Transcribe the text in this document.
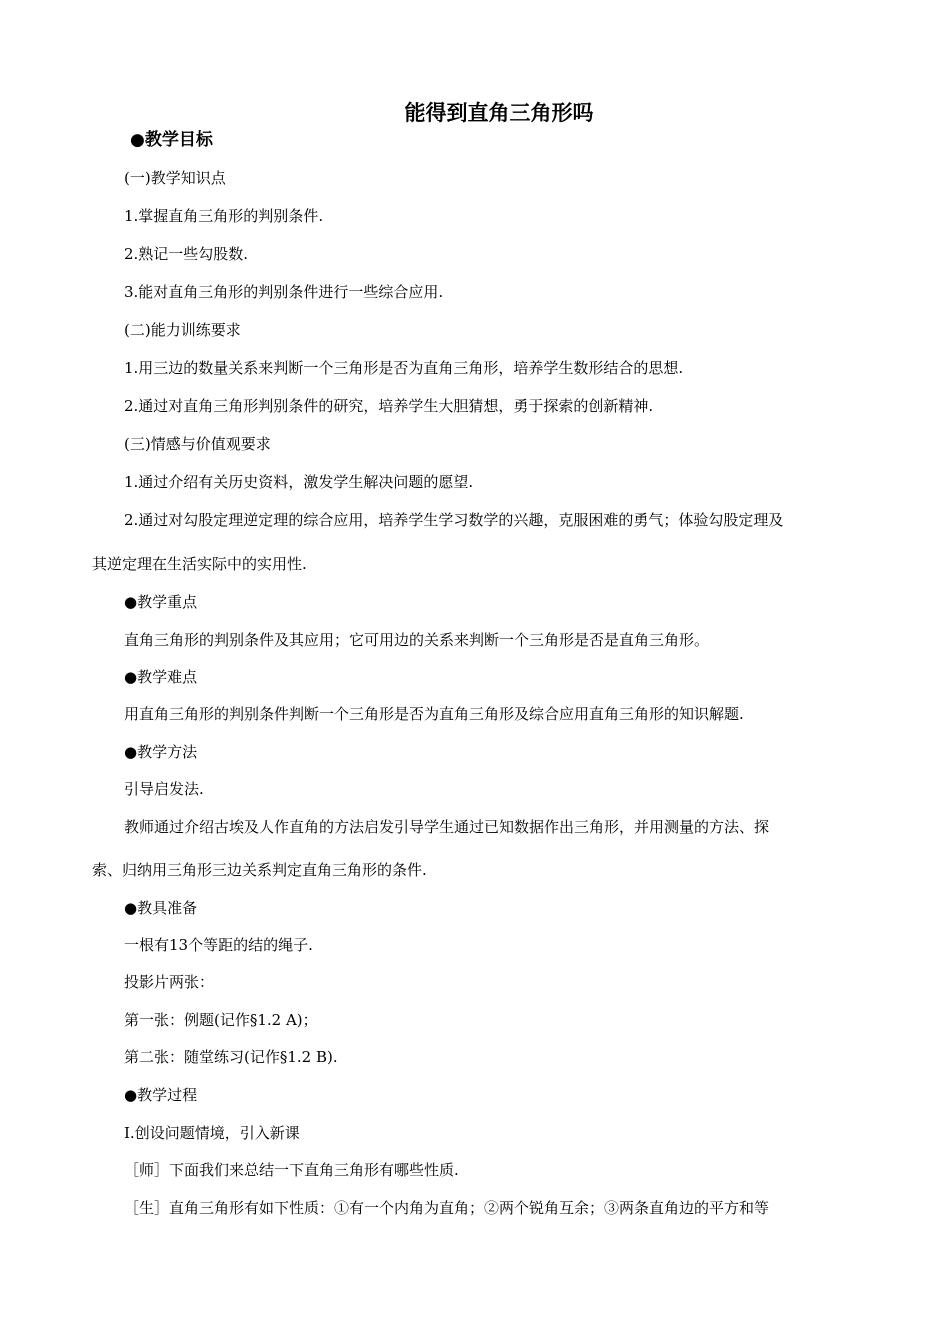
能得到直角三角形吗
●教学目标
(一)教学知识点
1.掌握直角三角形的判别条件.
2.熟记一些勾股数.
3.能对直角三角形的判别条件进行一些综合应用.
(二)能力训练要求
1.用三边的数量关系来判断一个三角形是否为直角三角形，培养学生数形结合的思想.
2.通过对直角三角形判别条件的研究，培养学生大胆猜想，勇于探索的创新精神.
(三)情感与价值观要求
1.通过介绍有关历史资料，激发学生解决问题的愿望.
2.通过对勾股定理逆定理的综合应用，培养学生学习数学的兴趣，克服困难的勇气；体验勾股定理及
其逆定理在生活实际中的实用性.
●教学重点
直角三角形的判别条件及其应用；它可用边的关系来判断一个三角形是否是直角三角形。
●教学难点
用直角三角形的判别条件判断一个三角形是否为直角三角形及综合应用直角三角形的知识解题.
●教学方法
引导启发法.
教师通过介绍古埃及人作直角的方法启发引导学生通过已知数据作出三角形，并用测量的方法、探
索、归纳用三角形三边关系判定直角三角形的条件.
●教具准备
一根有13个等距的结的绳子.
投影片两张：
第一张：例题(记作§1.2 A)；
第二张：随堂练习(记作§1.2 B).
●教学过程
Ⅰ.创设问题情境，引入新课
［师］下面我们来总结一下直角三角形有哪些性质.
［生］直角三角形有如下性质：①有一个内角为直角；②两个锐角互余；③两条直角边的平方和等
